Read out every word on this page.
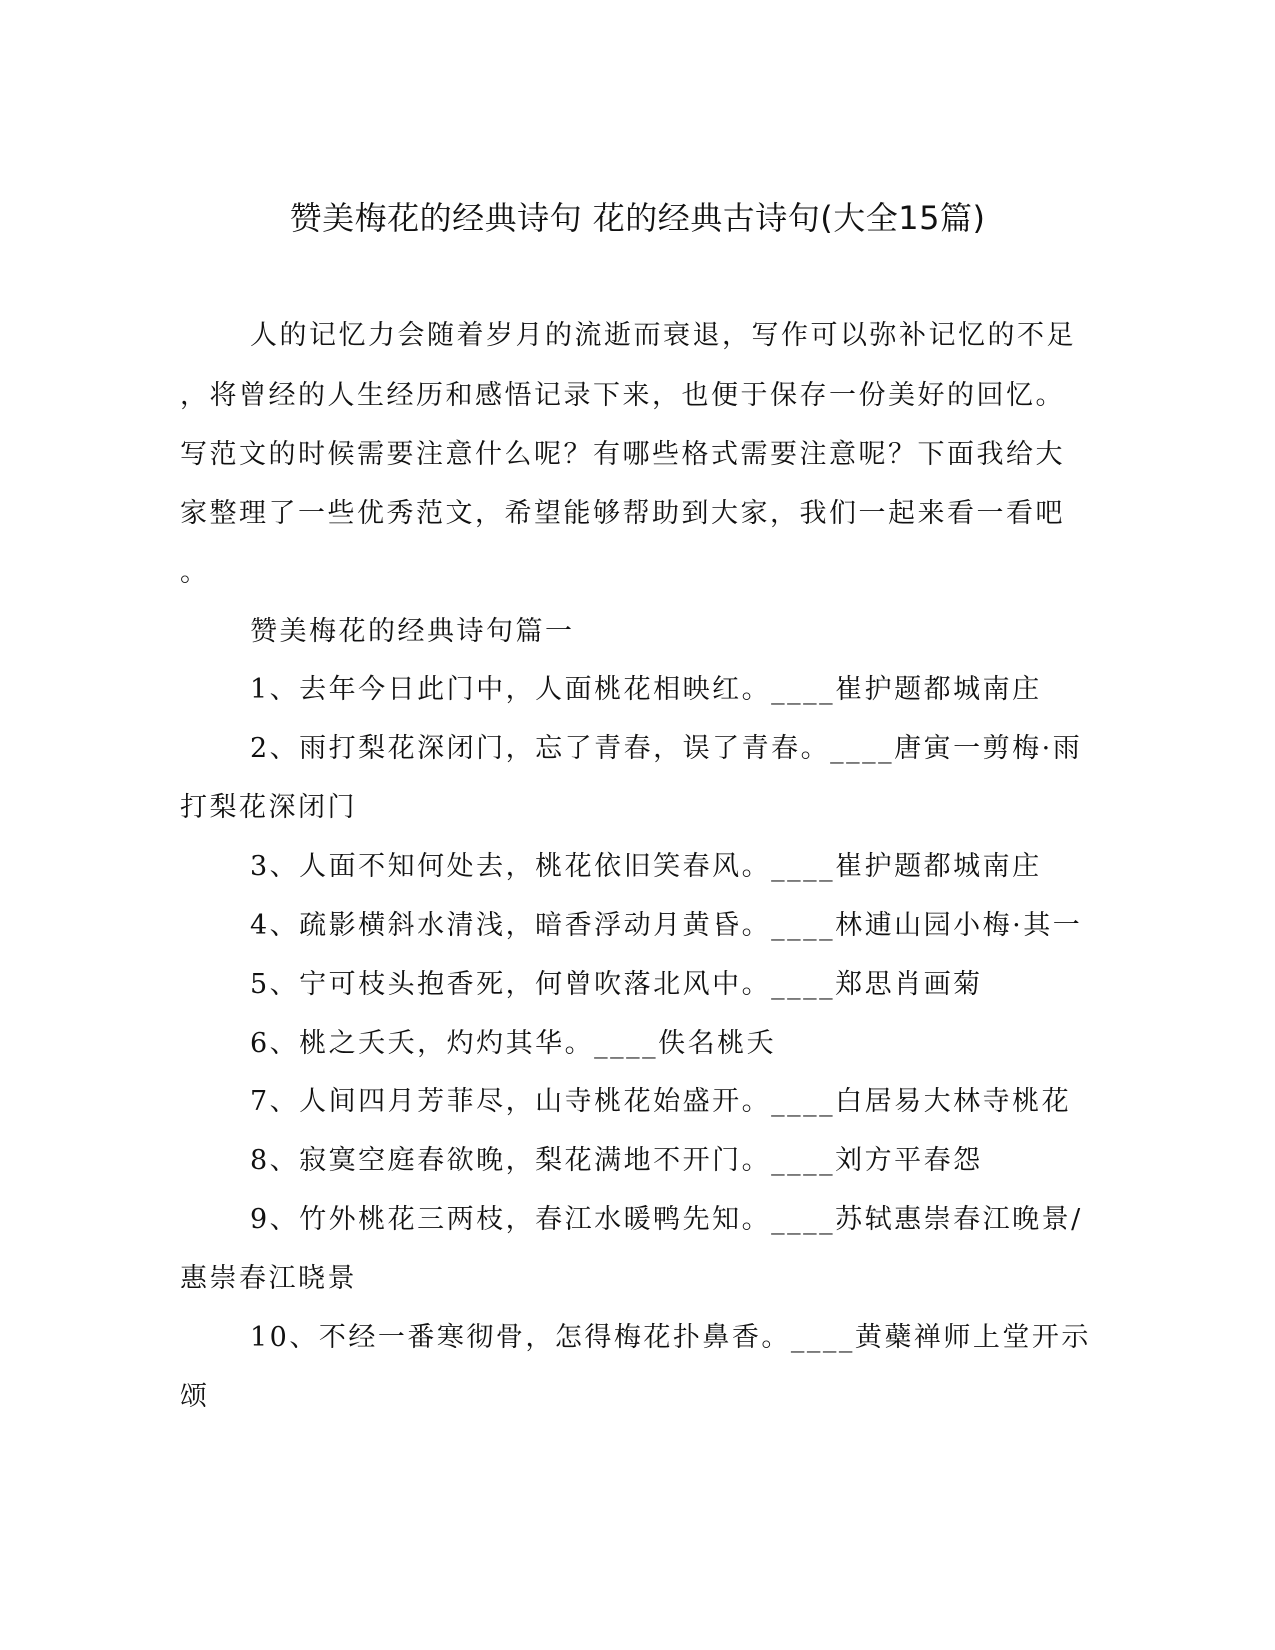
赞美梅花的经典诗句 花的经典古诗句(大全15篇)
人的记忆力会随着岁月的流逝而衰退，写作可以弥补记忆的不足
，将曾经的人生经历和感悟记录下来，也便于保存一份美好的回忆。
写范文的时候需要注意什么呢？有哪些格式需要注意呢？下面我给大
家整理了一些优秀范文，希望能够帮助到大家，我们一起来看一看吧
。
赞美梅花的经典诗句篇一
1、去年今日此门中，人面桃花相映红。____崔护题都城南庄
2、雨打梨花深闭门，忘了青春，误了青春。____唐寅一剪梅·雨
打梨花深闭门
3、人面不知何处去，桃花依旧笑春风。____崔护题都城南庄
4、疏影横斜水清浅，暗香浮动月黄昏。____林逋山园小梅·其一
5、宁可枝头抱香死，何曾吹落北风中。____郑思肖画菊
6、桃之夭夭，灼灼其华。____佚名桃夭
7、人间四月芳菲尽，山寺桃花始盛开。____白居易大林寺桃花
8、寂寞空庭春欲晚，梨花满地不开门。____刘方平春怨
9、竹外桃花三两枝，春江水暖鸭先知。____苏轼惠崇春江晚景/
惠崇春江晓景
10、不经一番寒彻骨，怎得梅花扑鼻香。____黄蘗禅师上堂开示
颂
